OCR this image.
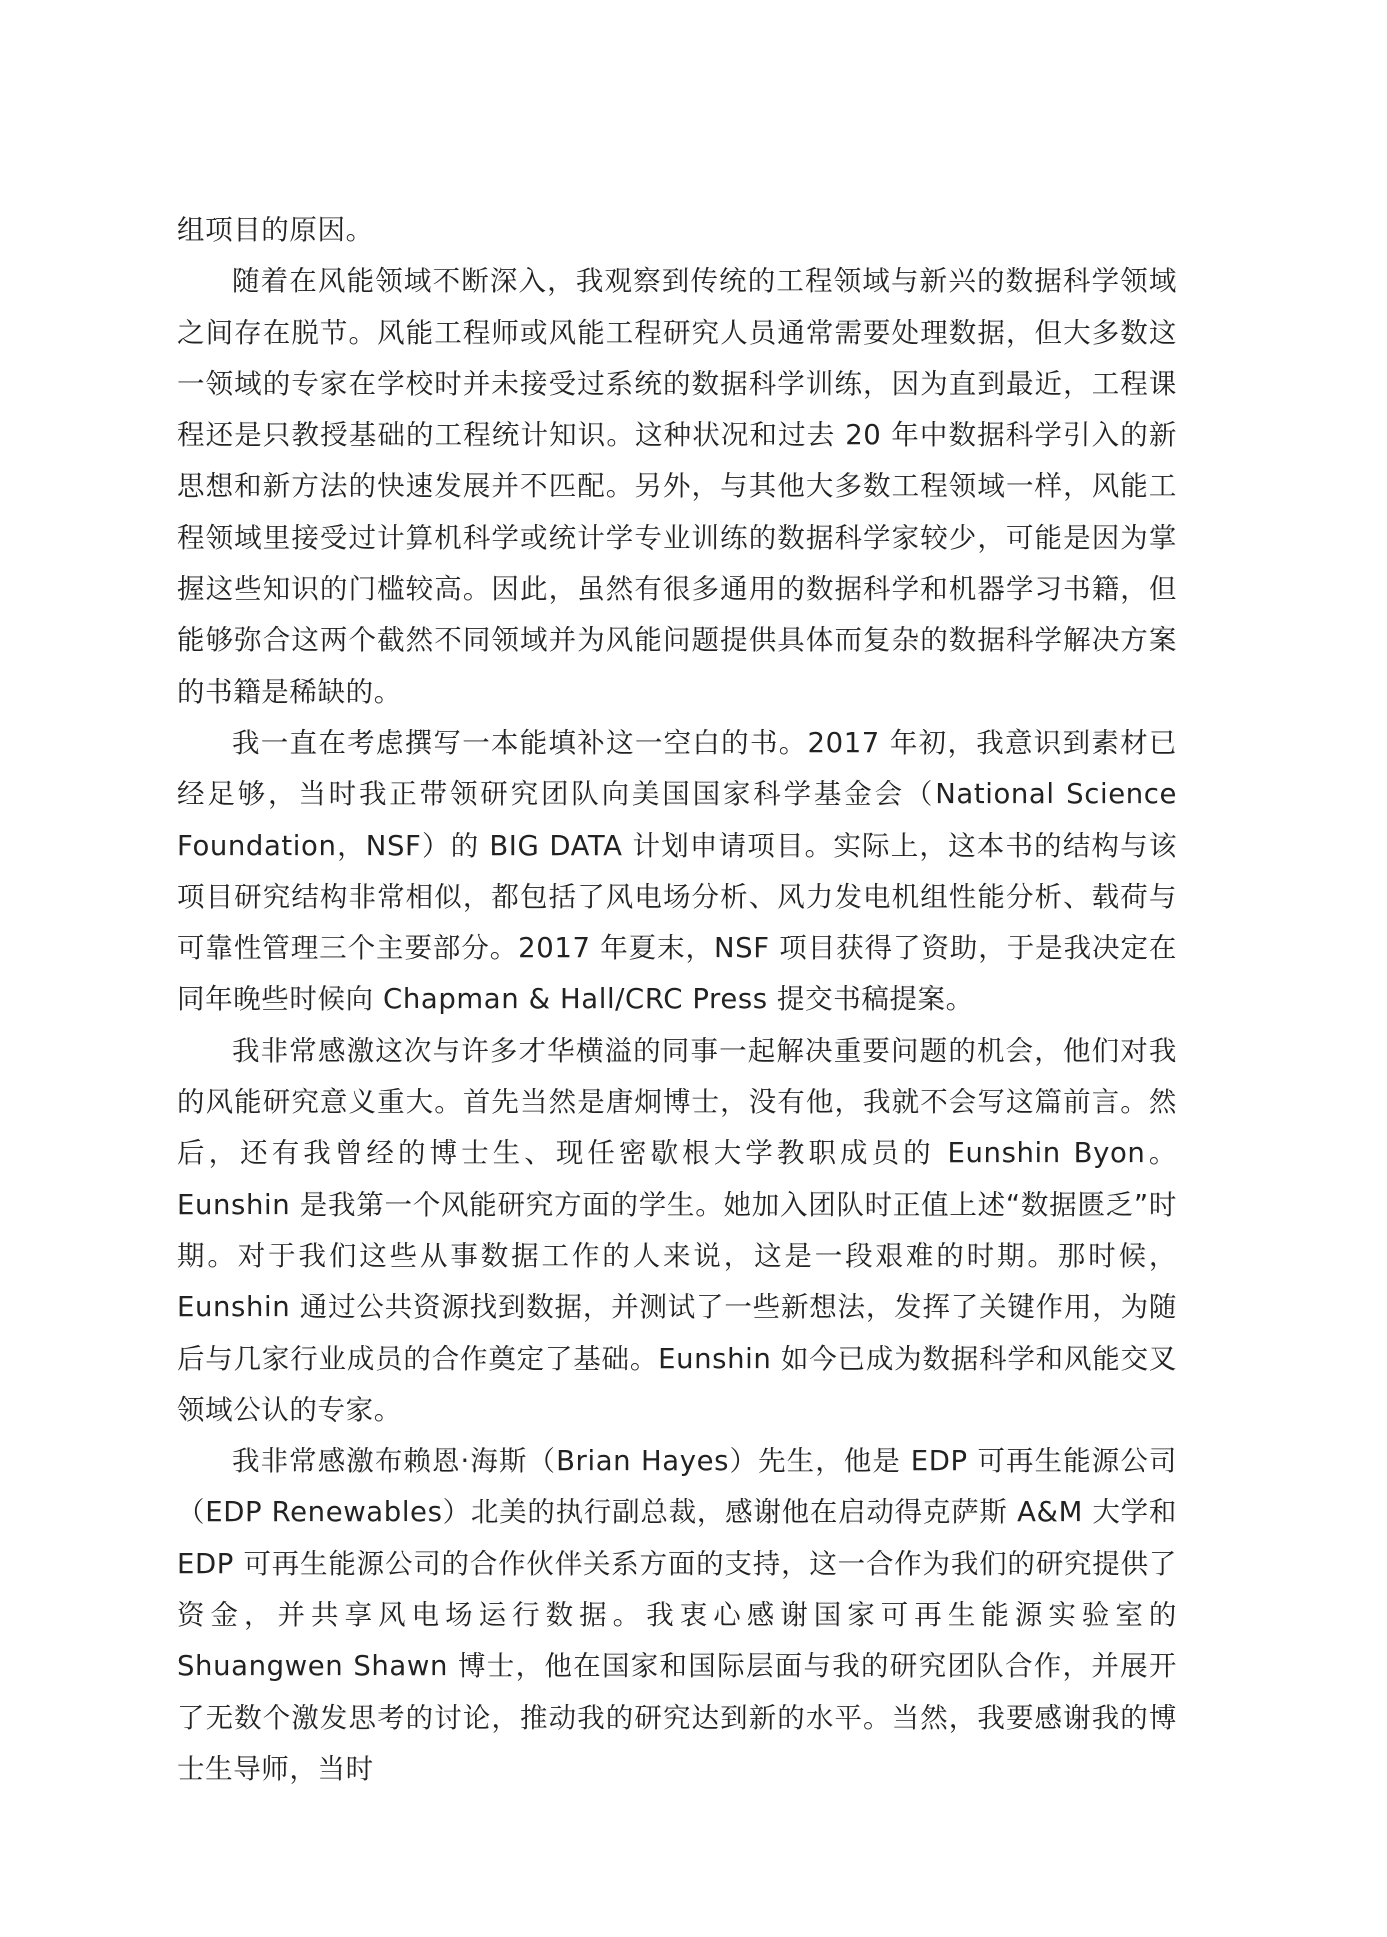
组项目的原因。

随着在风能领域不断深入，我观察到传统的工程领域与新兴的数据科学领域之间存在脱节。风能工程师或风能工程研究人员通常需要处理数据，但大多数这一领域的专家在学校时并未接受过系统的数据科学训练，因为直到最近，工程课程还是只教授基础的工程统计知识。这种状况和过去 20 年中数据科学引入的新思想和新方法的快速发展并不匹配。另外，与其他大多数工程领域一样，风能工程领域里接受过计算机科学或统计学专业训练的数据科学家较少，可能是因为掌握这些知识的门槛较高。因此，虽然有很多通用的数据科学和机器学习书籍，但能够弥合这两个截然不同领域并为风能问题提供具体而复杂的数据科学解决方案的书籍是稀缺的。

我一直在考虑撰写一本能填补这一空白的书。2017 年初，我意识到素材已经足够，当时我正带领研究团队向美国国家科学基金会（National Science Foundation，NSF）的 BIG DATA 计划申请项目。实际上，这本书的结构与该项目研究结构非常相似，都包括了风电场分析、风力发电机组性能分析、载荷与可靠性管理三个主要部分。2017 年夏末，NSF 项目获得了资助，于是我决定在同年晚些时候向 Chapman & Hall/CRC Press 提交书稿提案。

我非常感激这次与许多才华横溢的同事一起解决重要问题的机会，他们对我的风能研究意义重大。首先当然是唐炯博士，没有他，我就不会写这篇前言。然后，还有我曾经的博士生、现任密歇根大学教职成员的 Eunshin Byon。Eunshin 是我第一个风能研究方面的学生。她加入团队时正值上述“数据匮乏”时期。对于我们这些从事数据工作的人来说，这是一段艰难的时期。那时候，Eunshin 通过公共资源找到数据，并测试了一些新想法，发挥了关键作用，为随后与几家行业成员的合作奠定了基础。Eunshin 如今已成为数据科学和风能交叉领域公认的专家。

我非常感激布赖恩·海斯（Brian Hayes）先生，他是 EDP 可再生能源公司（EDP Renewables）北美的执行副总裁，感谢他在启动得克萨斯 A&M 大学和 EDP 可再生能源公司的合作伙伴关系方面的支持，这一合作为我们的研究提供了资金，并共享风电场运行数据。我衷心感谢国家可再生能源实验室的 Shuangwen Shawn 博士，他在国家和国际层面与我的研究团队合作，并展开了无数个激发思考的讨论，推动我的研究达到新的水平。当然，我要感谢我的博士生导师，当时
